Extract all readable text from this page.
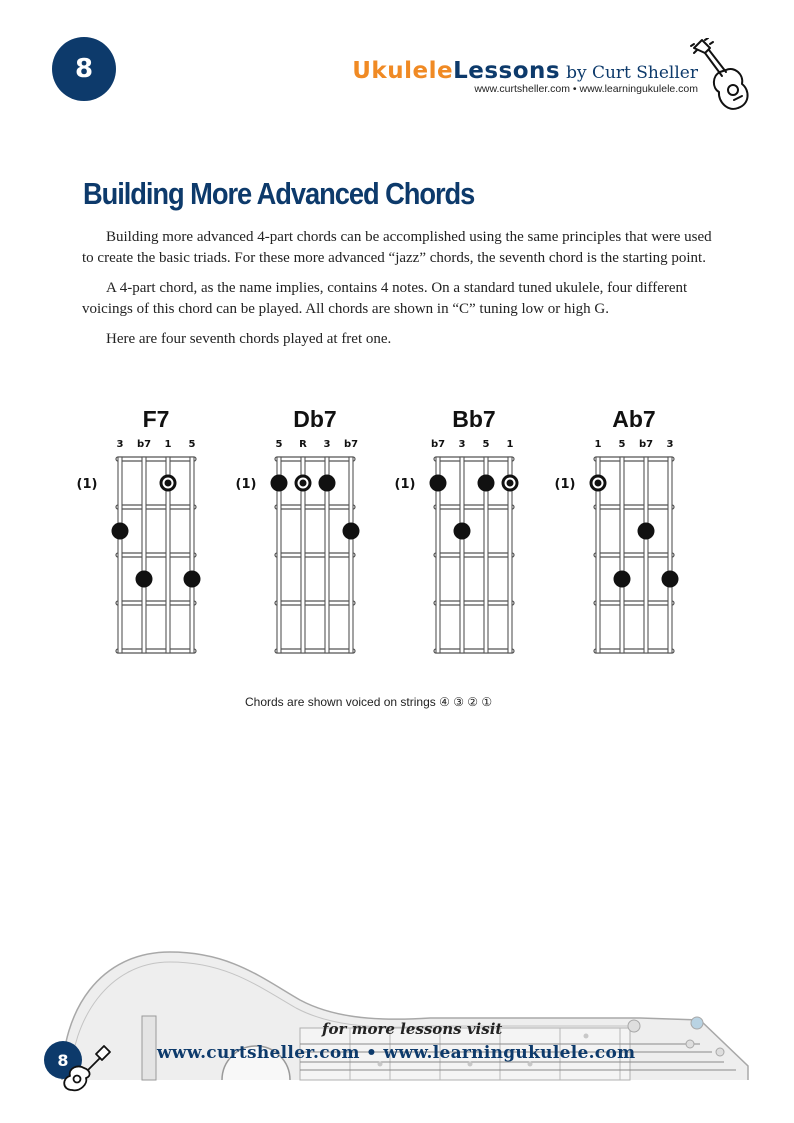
8	UkuleleLessons by Curt Sheller
www.curtsheller.com • www.learningukulele.com
Building More Advanced Chords

Building more advanced 4-part chords can be accomplished using the same principles that were used to create the basic triads. For these more advanced “jazz” chords, the seventh chord is the starting point.

A 4-part chord, as the name implies, contains 4 notes. On a standard tuned ukulele, four different voicings of this chord can be played. All chords are shown in “C” tuning low or high G.

Here are four seventh chords played at fret one.

F7
3 b7 1 5
(1)
Db7
5 R 3 b7
(1)
Bb7
b7 3 5 1
(1)
Ab7
1 5 b7 3
(1)
Chords are shown voiced on strings ④ ③ ② ①
for more lessons visit
www.curtsheller.com • www.learningukulele.com
8
